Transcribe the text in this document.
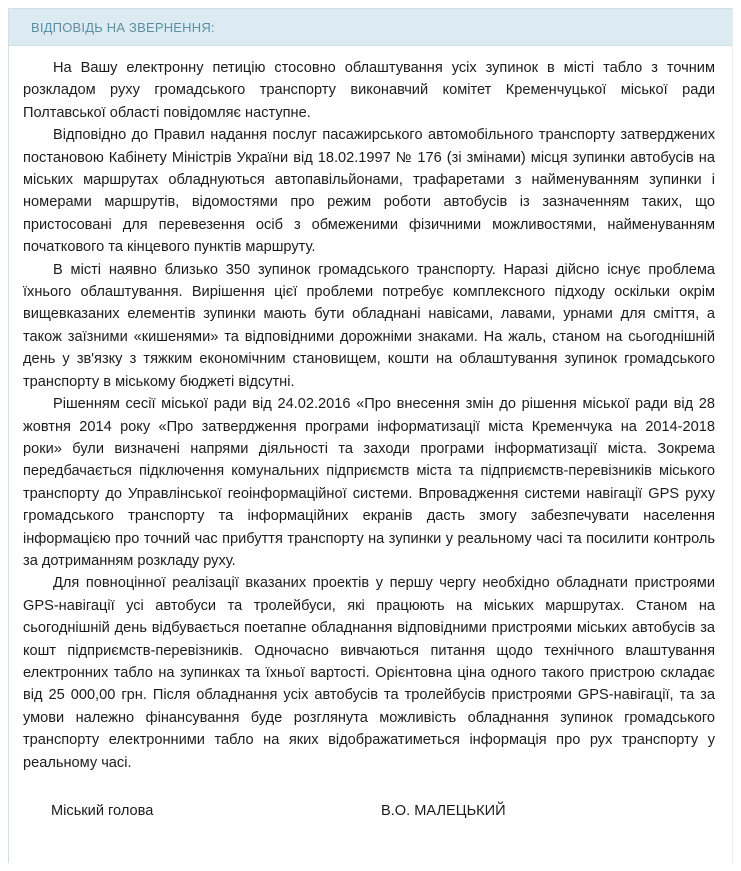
ВІДПОВІДЬ НА ЗВЕРНЕННЯ:

На Вашу електронну петицію стосовно облаштування усіх зупинок в місті табло з точним розкладом руху громадського транспорту виконавчий комітет Кременчуцької міської ради Полтавської області повідомляє наступне.

Відповідно до Правил надання послуг пасажирського автомобільного транспорту затверджених постановою Кабінету Міністрів України від 18.02.1997 № 176 (зі змінами) місця зупинки автобусів на міських маршрутах обладнуються автопавільйонами, трафаретами з найменуванням зупинки і номерами маршрутів, відомостями про режим роботи автобусів із зазначенням таких, що пристосовані для перевезення осіб з обмеженими фізичними можливостями, найменуванням початкового та кінцевого пунктів маршруту.

В місті наявно близько 350 зупинок громадського транспорту. Наразі дійсно існує проблема їхнього облаштування. Вирішення цієї проблеми потребує комплексного підходу оскільки окрім вищевказаних елементів зупинки мають бути обладнані навісами, лавами, урнами для сміття, а також заїзними «кишенями» та відповідними дорожніми знаками. На жаль, станом на сьогоднішній день у зв'язку з тяжким економічним становищем, кошти на облаштування зупинок громадського транспорту в міському бюджеті відсутні.

Рішенням сесії міської ради від 24.02.2016 «Про внесення змін до рішення міської ради від 28 жовтня 2014 року «Про затвердження програми інформатизації міста Кременчука на 2014-2018 роки» були визначені напрями діяльності та заходи програми інформатизації міста. Зокрема передбачається підключення комунальних підприємств міста та підприємств-перевізників міського транспорту до Управлінської геоінформаційної системи. Впровадження системи навігації GPS руху громадського транспорту та інформаційних екранів дасть змогу забезпечувати населення інформацією про точний час прибуття транспорту на зупинки у реальному часі та посилити контроль за дотриманням розкладу руху.

Для повноцінної реалізації вказаних проектів у першу чергу необхідно обладнати пристроями GPS-навігації усі автобуси та тролейбуси, які працюють на міських маршрутах. Станом на сьогоднішній день відбувається поетапне обладнання відповідними пристроями міських автобусів за кошт підприємств-перевізників. Одночасно вивчаються питання щодо технічного влаштування електронних табло на зупинках та їхньої вартості. Орієнтовна ціна одного такого пристрою складає від 25 000,00 грн. Після обладнання усіх автобусів та тролейбусів пристроями GPS-навігації, та за умови належно фінансування буде розглянута можливість обладнання зупинок громадського транспорту електронними табло на яких відображатиметься інформація про рух транспорту у реальному часі.

Міський голова	В.О. МАЛЕЦЬКИЙ
